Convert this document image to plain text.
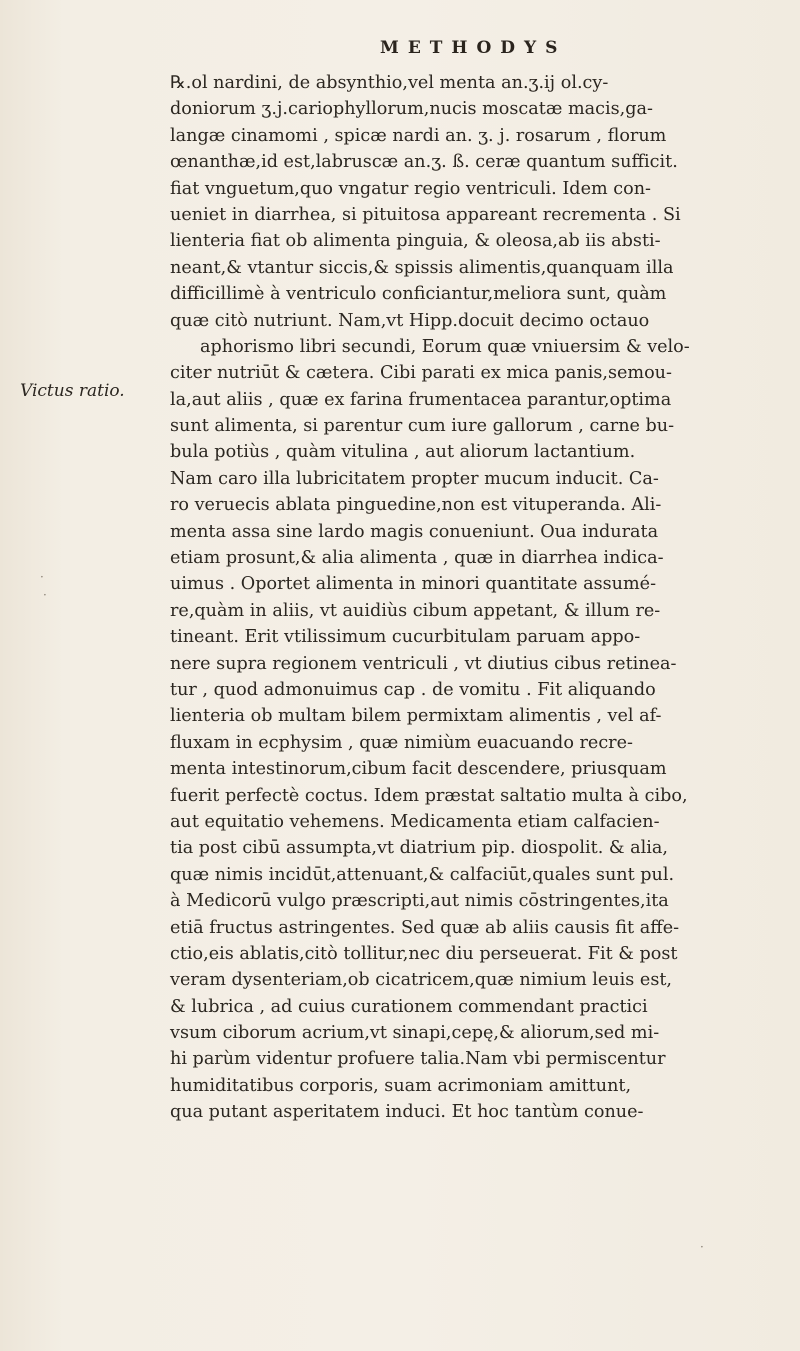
METHODYS
Victus ratio.
℞.ol nardini, de absynthio,vel menta an.ʒ.ij ol.cy-
doniorum ʒ.j.cariophyllorum,nucis moscatæ macis,ga-
langæ cinamomi , spicæ nardi an. ʒ. j. rosarum , florum
œnanthæ,id est,labruscæ an.ʒ. ß. ceræ quantum sufficit.
fiat vnguetum,quo vngatur regio ventriculi. Idem con-
ueniet in diarrhea, si pituitosa appareant recrementa . Si
lienteria fiat ob alimenta pinguia, & oleosa,ab iis absti-
neant,& vtantur siccis,& spissis alimentis,quanquam illa
difficillimè à ventriculo conficiantur,meliora sunt, quàm
quæ citò nutriunt. Nam,vt Hipp.docuit decimo octauo
aphorismo libri secundi, Eorum quæ vniuersim & velo-
citer nutriūt & cætera. Cibi parati ex mica panis,semou-
la,aut aliis , quæ ex farina frumentacea parantur,optima
sunt alimenta, si parentur cum iure gallorum , carne bu-
bula potiùs , quàm vitulina , aut aliorum lactantium.
Nam caro illa lubricitatem propter mucum inducit. Ca-
ro veruecis ablata pinguedine,non est vituperanda. Ali-
menta assa sine lardo magis conueniunt. Oua indurata
etiam prosunt,& alia alimenta , quæ in diarrhea indica-
uimus . Oportet alimenta in minori quantitate assumé-
re,quàm in aliis, vt auidiùs cibum appetant, & illum re-
tineant. Erit vtilissimum cucurbitulam paruam appo-
nere supra regionem ventriculi , vt diutius cibus retinea-
tur , quod admonuimus cap . de vomitu . Fit aliquando
lienteria ob multam bilem permixtam alimentis , vel af-
fluxam in ecphysim , quæ nimiùm euacuando recre-
menta intestinorum,cibum facit descendere, priusquam
fuerit perfectè coctus. Idem præstat saltatio multa à cibo,
aut equitatio vehemens. Medicamenta etiam calfacien-
tia post cibū assumpta,vt diatrium pip. diospolit. & alia,
quæ nimis incidūt,attenuant,& calfaciūt,quales sunt pul.
à Medicorū vulgo præscripti,aut nimis cōstringentes,ita
etiā fructus astringentes. Sed quæ ab aliis causis fit affe-
ctio,eis ablatis,citò tollitur,nec diu perseuerat. Fit & post
veram dysenteriam,ob cicatricem,quæ nimium leuis est,
& lubrica , ad cuius curationem commendant practici
vsum ciborum acrium,vt sinapi,cepę,& aliorum,sed mi-
hi parùm videntur profuere talia.Nam vbi permiscentur
humiditatibus corporis, suam acrimoniam amittunt,
qua putant asperitatem induci. Et hoc tantùm conue-
·
·
·
